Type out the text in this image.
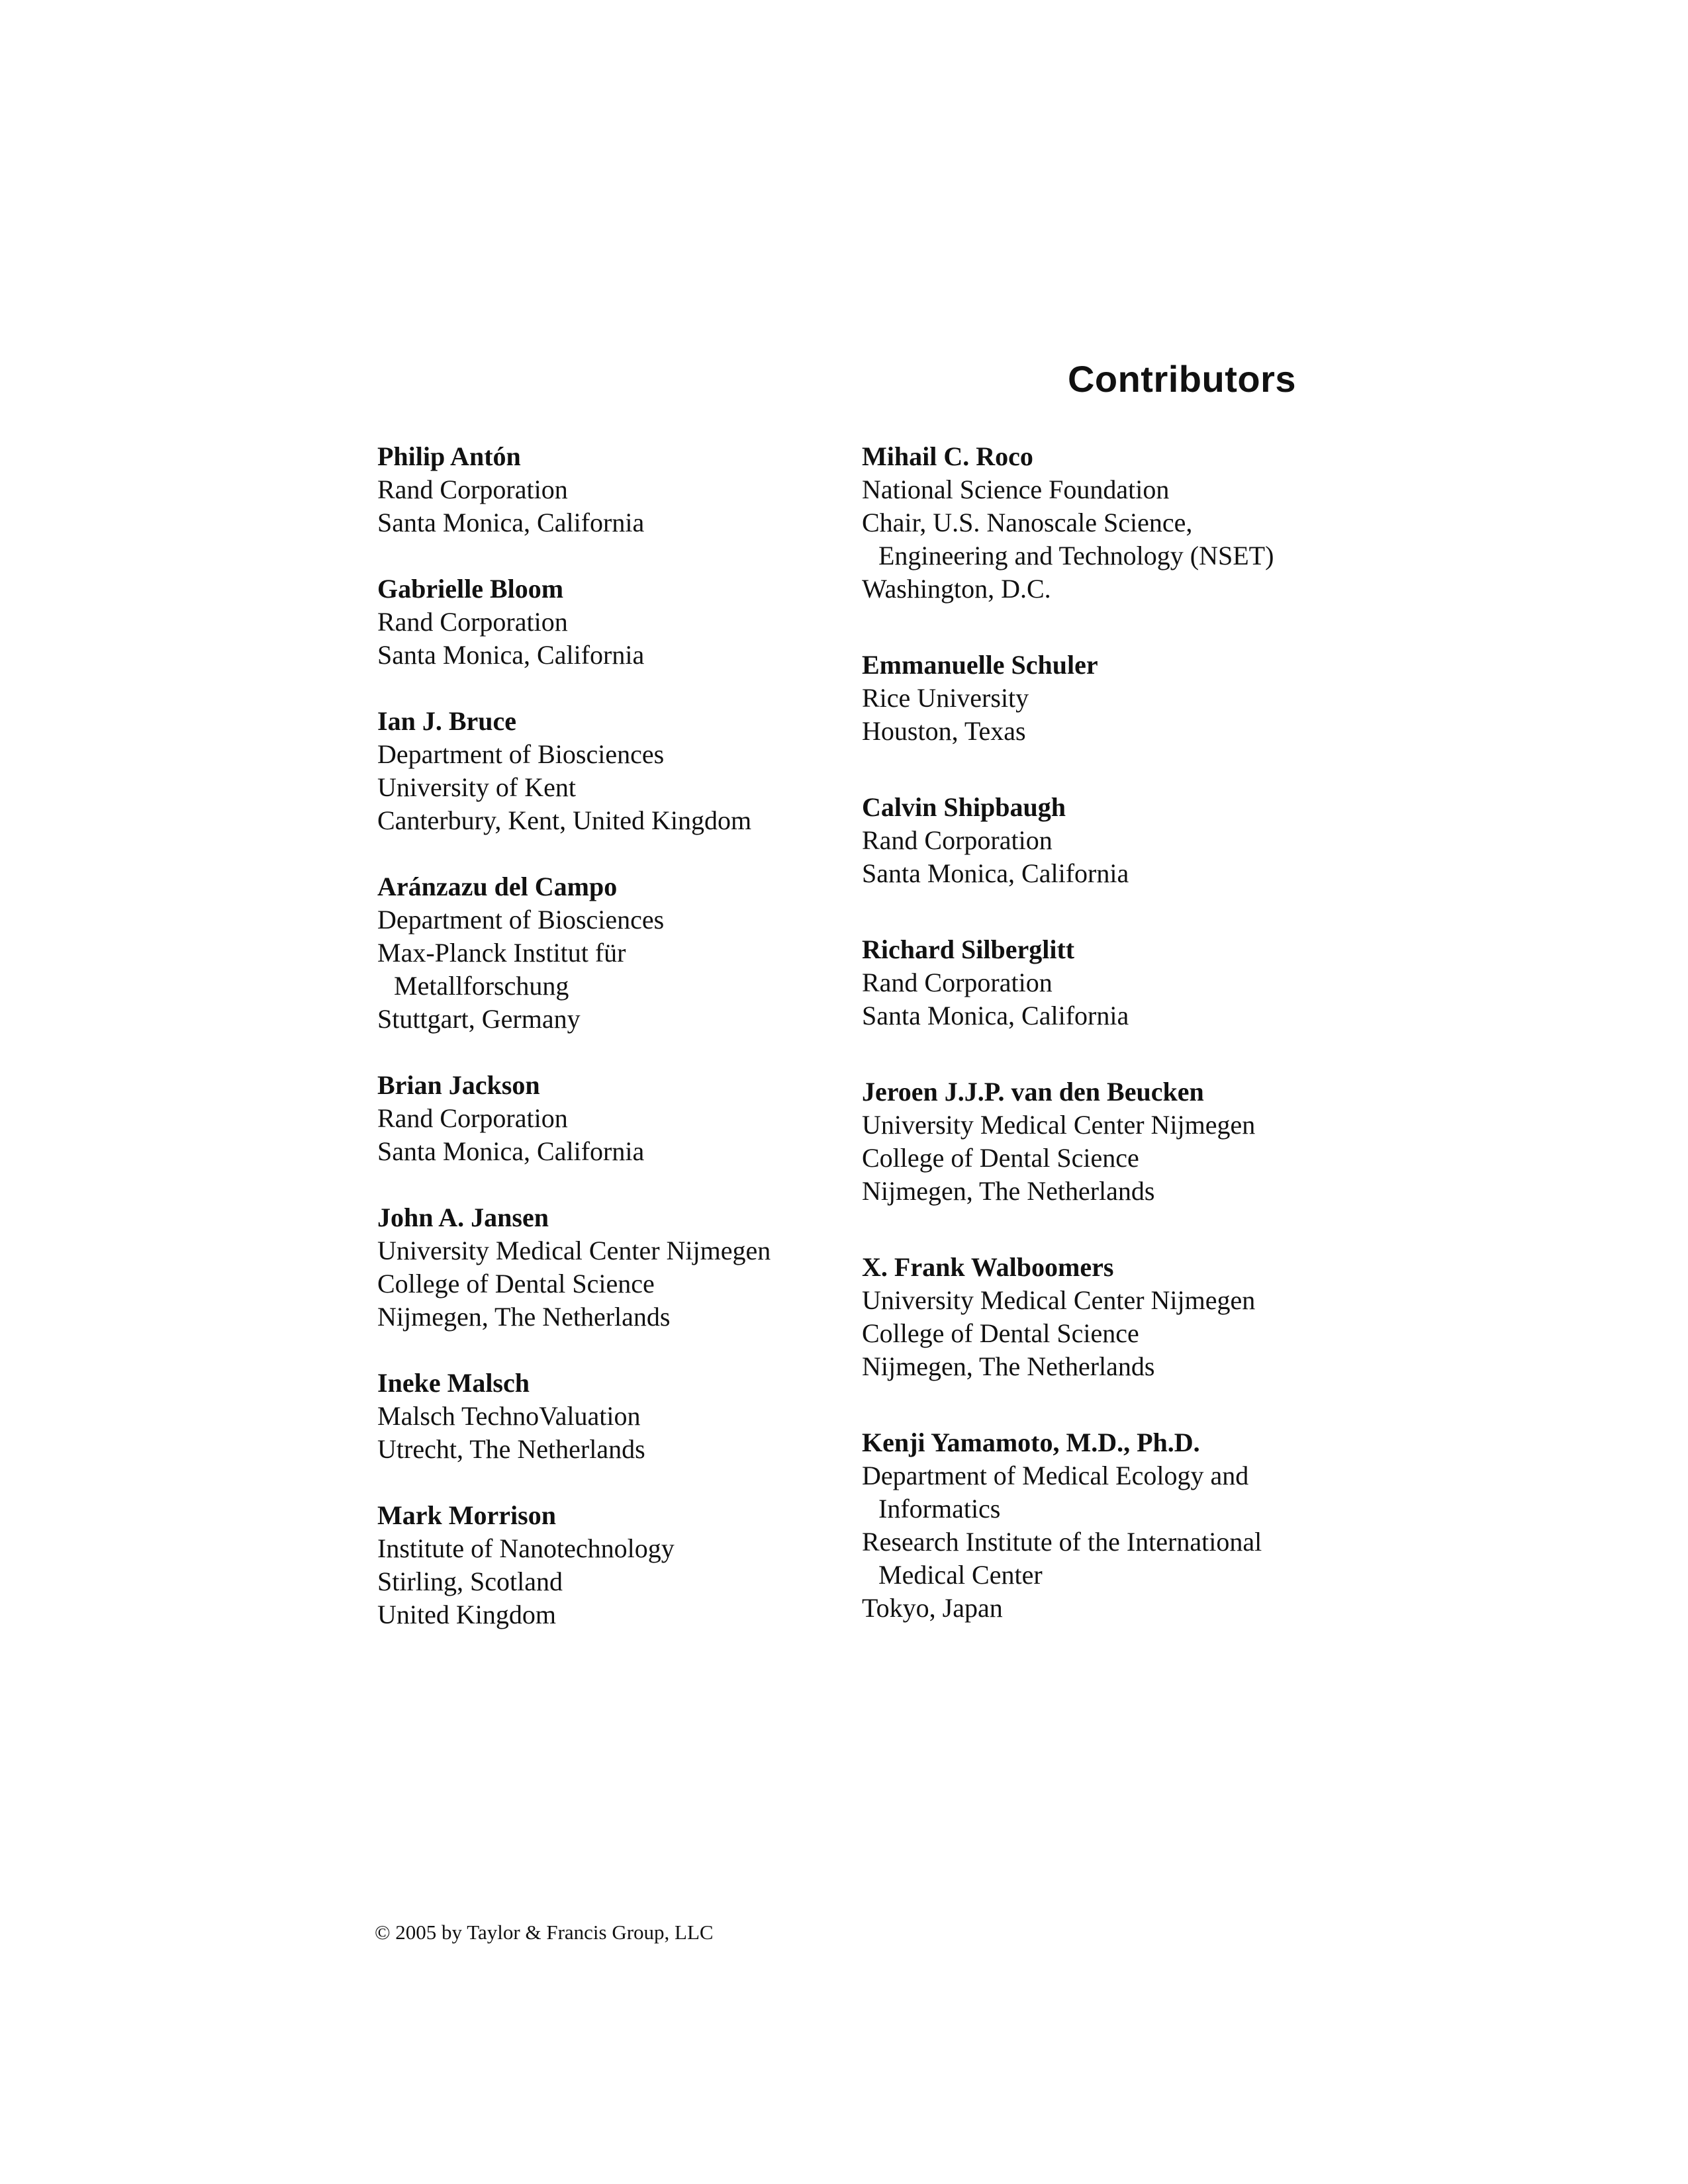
Contributors
Philip Antón
Rand Corporation
Santa Monica, California
Gabrielle Bloom
Rand Corporation
Santa Monica, California
Ian J. Bruce
Department of Biosciences
University of Kent
Canterbury, Kent, United Kingdom
Aránzazu del Campo
Department of Biosciences
Max-Planck Institut für
Metallforschung
Stuttgart, Germany
Brian Jackson
Rand Corporation
Santa Monica, California
John A. Jansen
University Medical Center Nijmegen
College of Dental Science
Nijmegen, The Netherlands
Ineke Malsch
Malsch TechnoValuation
Utrecht, The Netherlands
Mark Morrison
Institute of Nanotechnology
Stirling, Scotland
United Kingdom
Mihail C. Roco
National Science Foundation
Chair, U.S. Nanoscale Science,
Engineering and Technology (NSET)
Washington, D.C.
Emmanuelle Schuler
Rice University
Houston, Texas
Calvin Shipbaugh
Rand Corporation
Santa Monica, California
Richard Silberglitt
Rand Corporation
Santa Monica, California
Jeroen J.J.P. van den Beucken
University Medical Center Nijmegen
College of Dental Science
Nijmegen, The Netherlands
X. Frank Walboomers
University Medical Center Nijmegen
College of Dental Science
Nijmegen, The Netherlands
Kenji Yamamoto, M.D., Ph.D.
Department of Medical Ecology and
Informatics
Research Institute of the International
Medical Center
Tokyo, Japan

© 2005 by Taylor & Francis Group, LLC
